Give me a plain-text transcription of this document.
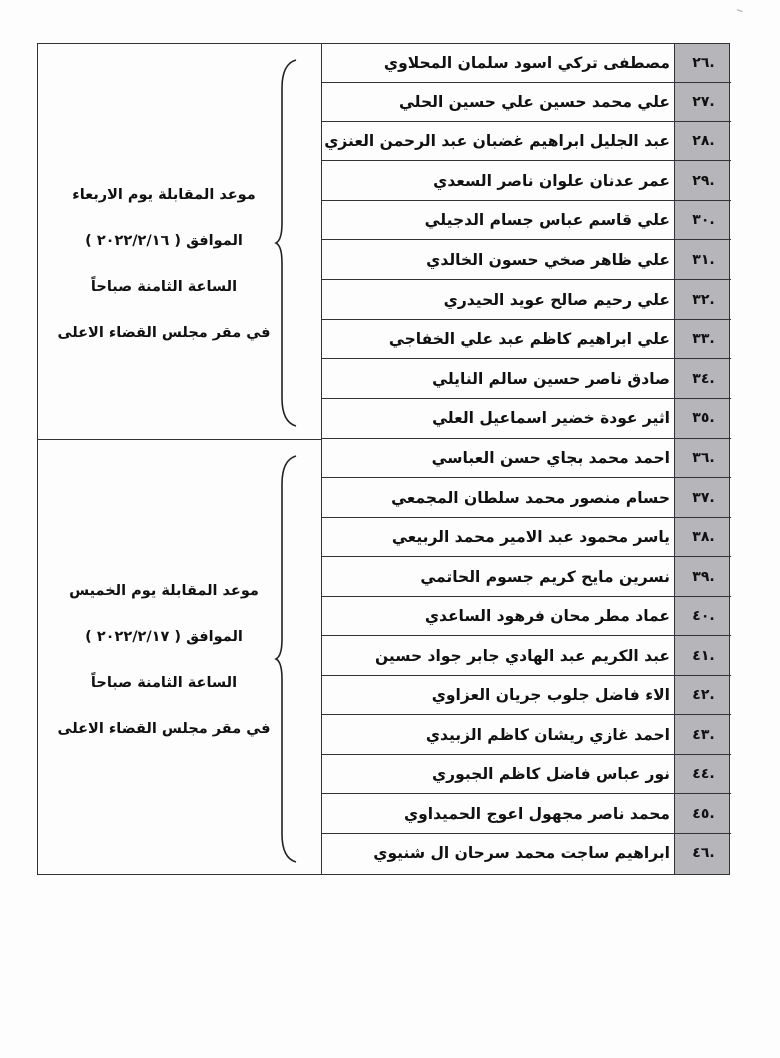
مصطفى تركي اسود سلمان المحلاوي	.٢٦
علي محمد حسين علي حسين الحلي	.٢٧
عبد الجليل ابراهيم غضبان عبد الرحمن العنزي	.٢٨
عمر عدنان علوان ناصر السعدي	.٢٩
علي قاسم عباس جسام الدجيلي	.٣٠
علي ظاهر صخي حسون الخالدي	.٣١
علي رحيم صالح عويد الحيدري	.٣٢
علي ابراهيم كاظم عبد علي الخفاجي	.٣٣
صادق ناصر حسين سالم النايلي	.٣٤
اثير عودة خضير اسماعيل العلي	.٣٥
احمد محمد بجاي حسن العباسي	.٣٦
حسام منصور محمد سلطان المجمعي	.٣٧
ياسر محمود عبد الامير محمد الربيعي	.٣٨
نسرين مايح كريم جسوم الحاتمي	.٣٩
عماد مطر محان فرهود الساعدي	.٤٠
عبد الكريم عبد الهادي جابر جواد حسين	.٤١
الاء فاضل جلوب جريان العزاوي	.٤٢
احمد غازي ريشان كاظم الزبيدي	.٤٣
نور عباس فاضل كاظم الجبوري	.٤٤
محمد ناصر مجهول اعوج الحميداوي	.٤٥
ابراهيم ساجت محمد سرحان ال شنيوي	.٤٦
موعد المقابلة يوم الاربعاء
الموافق ( ٢٠٢٢/٢/١٦ )
الساعة الثامنة صباحاً
في مقر مجلس القضاء الاعلى
موعد المقابلة يوم الخميس
الموافق ( ٢٠٢٢/٢/١٧ )
الساعة الثامنة صباحاً
في مقر مجلس القضاء الاعلى
